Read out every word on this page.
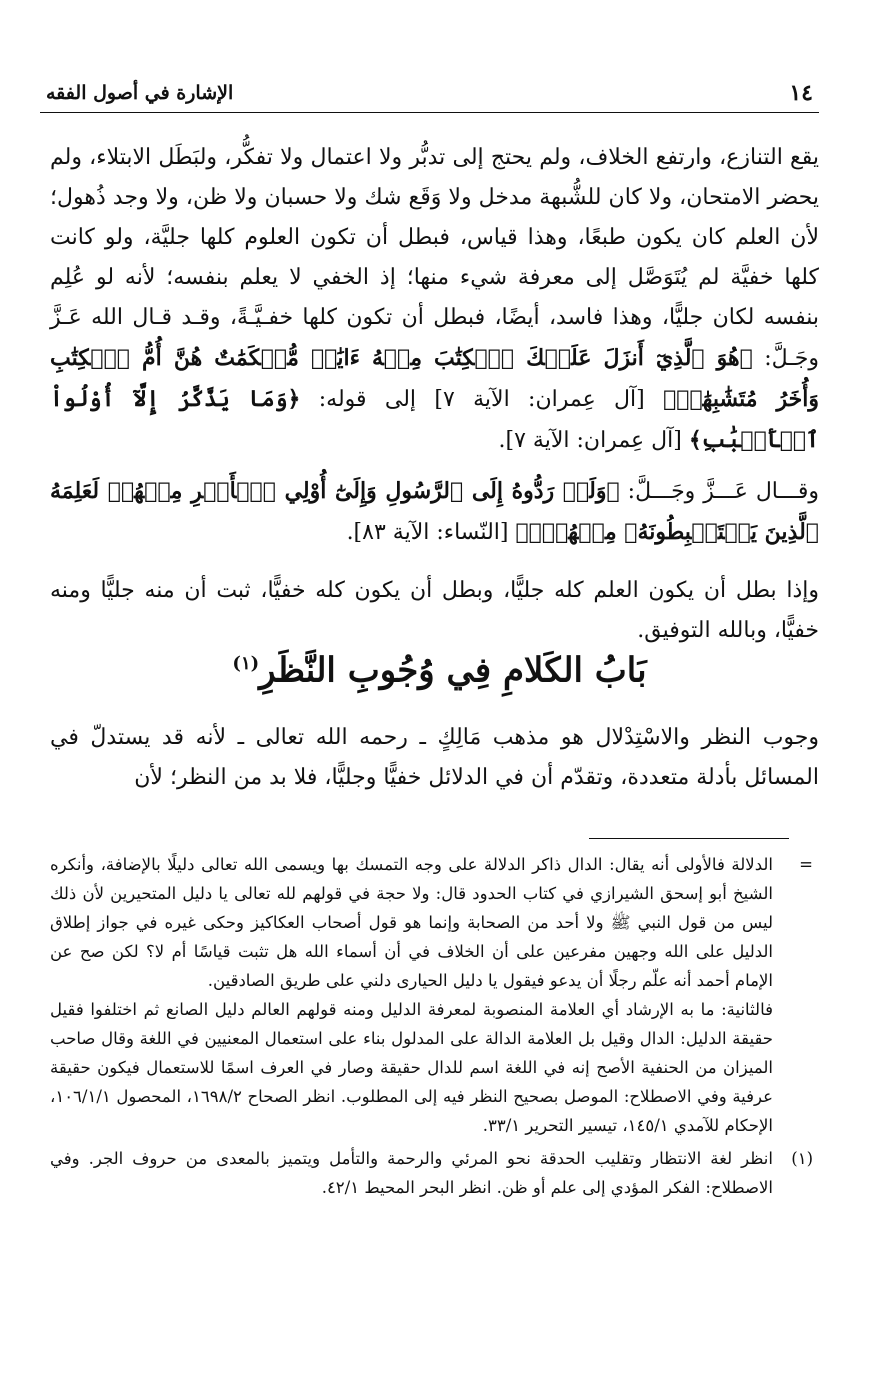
١٤
الإشارة في أصول الفقه

يقع التنازع، وارتفع الخلاف، ولم يحتج إلى تدبُّر ولا اعتمال ولا تفكُّر، ولبَطَل الابتلاء، ولم يحضر الامتحان، ولا كان للشُّبهة مدخل ولا وَقَع شك ولا حسبان ولا ظن، ولا وجد ذُهول؛ لأن العلم كان يكون طبعًا، وهذا قياس، فبطل أن تكون العلوم كلها جليَّة، ولو كانت كلها خفيَّة لم يُتَوَصَّل إلى معرفة شيء منها؛ إذ الخفي لا يعلم بنفسه؛ لأنه لو عُلِم بنفسه لكان جليًّا، وهذا فاسد، أيضًا، فبطل أن تكون كلها خفـيَّـةً، وقـد قـال الله عَـزَّ وجَـلَّ: ﴿هُوَ ٱلَّذِيٓ أَنزَلَ عَلَيۡكَ ٱلۡكِتَٰبَ مِنۡهُ ءَايَٰتٞ مُّحۡكَمَٰتٌ هُنَّ أُمُّ ٱلۡكِتَٰبِ وَأُخَرُ مُتَشَٰبِهَٰتٞ﴾ [آل عِمران: الآية ٧] إلى قوله: ﴿وَمَا يَذَّكَّرُ إِلَّآ أُوْلُواْ ٱلۡأَلۡبَٰبِ﴾ [آل عِمران: الآية ٧].

وقـــال عَـــزَّ وجَـــلَّ: ﴿وَلَوۡ رَدُّوهُ إِلَى ٱلرَّسُولِ وَإِلَىٰٓ أُوْلِي ٱلۡأَمۡرِ مِنۡهُمۡ لَعَلِمَهُ ٱلَّذِينَ يَسۡتَنۢبِطُونَهُۥ مِنۡهُمۡۗ﴾ [النّساء: الآية ٨٣].

وإذا بطل أن يكون العلم كله جليًّا، وبطل أن يكون كله خفيًّا، ثبت أن منه جليًّا ومنه خفيًّا، وبالله التوفيق.

بَابُ الكَلامِ فِي وُجُوبِ النَّظَرِ$^{(١)}$

وجوب النظر والاسْتِدْلال هو مذهب مَالِكٍ ـ رحمه الله تعالى ـ لأنه قد يستدلّ في المسائل بأدلة متعددة، وتقدّم أن في الدلائل خفيًّا وجليًّا، فلا بد من النظر؛ لأن

=

الدلالة فالأولى أنه يقال: الدال ذاكر الدلالة على وجه التمسك بها ويسمى الله تعالى دليلًا بالإضافة، وأنكره الشيخ أبو إسحق الشيرازي في كتاب الحدود قال: ولا حجة في قولهم لله تعالى يا دليل المتحيرين لأن ذلك ليس من قول النبي ﷺ ولا أحد من الصحابة وإنما هو قول أصحاب العكاكيز وحكى غيره في جواز إطلاق الدليل على الله وجهين مفرعين على أن الخلاف في أن أسماء الله هل تثبت قياسًا أم لا؟ لكن صح عن الإمام أحمد أنه علّم رجلًا أن يدعو فيقول يا دليل الحيارى دلني على طريق الصادقين.

فالثانية: ما به الإرشاد أي العلامة المنصوبة لمعرفة الدليل ومنه قولهم العالم دليل الصانع ثم اختلفوا فقيل حقيقة الدليل: الدال وقيل بل العلامة الدالة على المدلول بناء على استعمال المعنيين في اللغة وقال صاحب الميزان من الحنفية الأصح إنه في اللغة اسم للدال حقيقة وصار في العرف اسمًا للاستعمال فيكون حقيقة عرفية وفي الاصطلاح: الموصل بصحيح النظر فيه إلى المطلوب. انظر الصحاح ١٦٩٨/٢، المحصول ١٠٦/١/١، الإحكام للآمدي ١٤٥/١، تيسير التحرير ٣٣/١.

(١)

انظر لغة الانتظار وتقليب الحدقة نحو المرئي والرحمة والتأمل ويتميز بالمعدى من حروف الجر. وفي الاصطلاح: الفكر المؤدي إلى علم أو ظن. انظر البحر المحيط ٤٢/١.
